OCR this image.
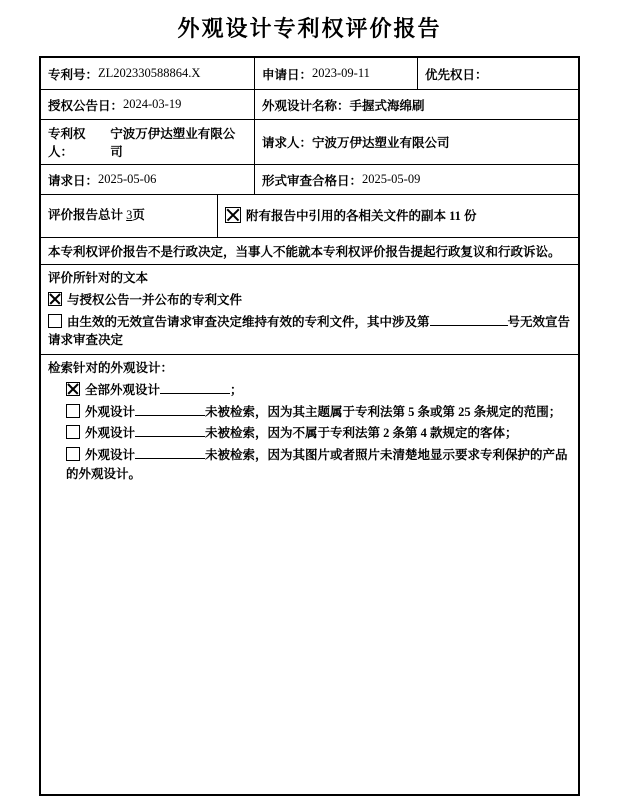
外观设计专利权评价报告
专利号： ZL202330588864.X	申请日： 2023-09-11	优先权日：
授权公告日： 2024-03-19	外观设计名称： 手握式海绵刷
专利权人：
宁波万伊达塑业有限公司
请求人： 宁波万伊达塑业有限公司
请求日： 2025-05-06	形式审查合格日： 2025-05-09
评价报告总计 3页	附有报告中引用的各相关文件的副本 11 份
本专利权评价报告不是行政决定，当事人不能就本专利权评价报告提起行政复议和行政诉讼。
评价所针对的文本
与授权公告一并公布的专利文件
由生效的无效宣告请求审查决定维持有效的专利文件，其中涉及第	号无效宣告请求审查决定
检索针对的外观设计：
全部外观设计	；
外观设计	未被检索，因为其主题属于专利法第 5 条或第 25 条规定的范围；
外观设计	未被检索，因为不属于专利法第 2 条第 4 款规定的客体；
外观设计	未被检索，因为其图片或者照片未清楚地显示要求专利保护的产品的外观设计。
